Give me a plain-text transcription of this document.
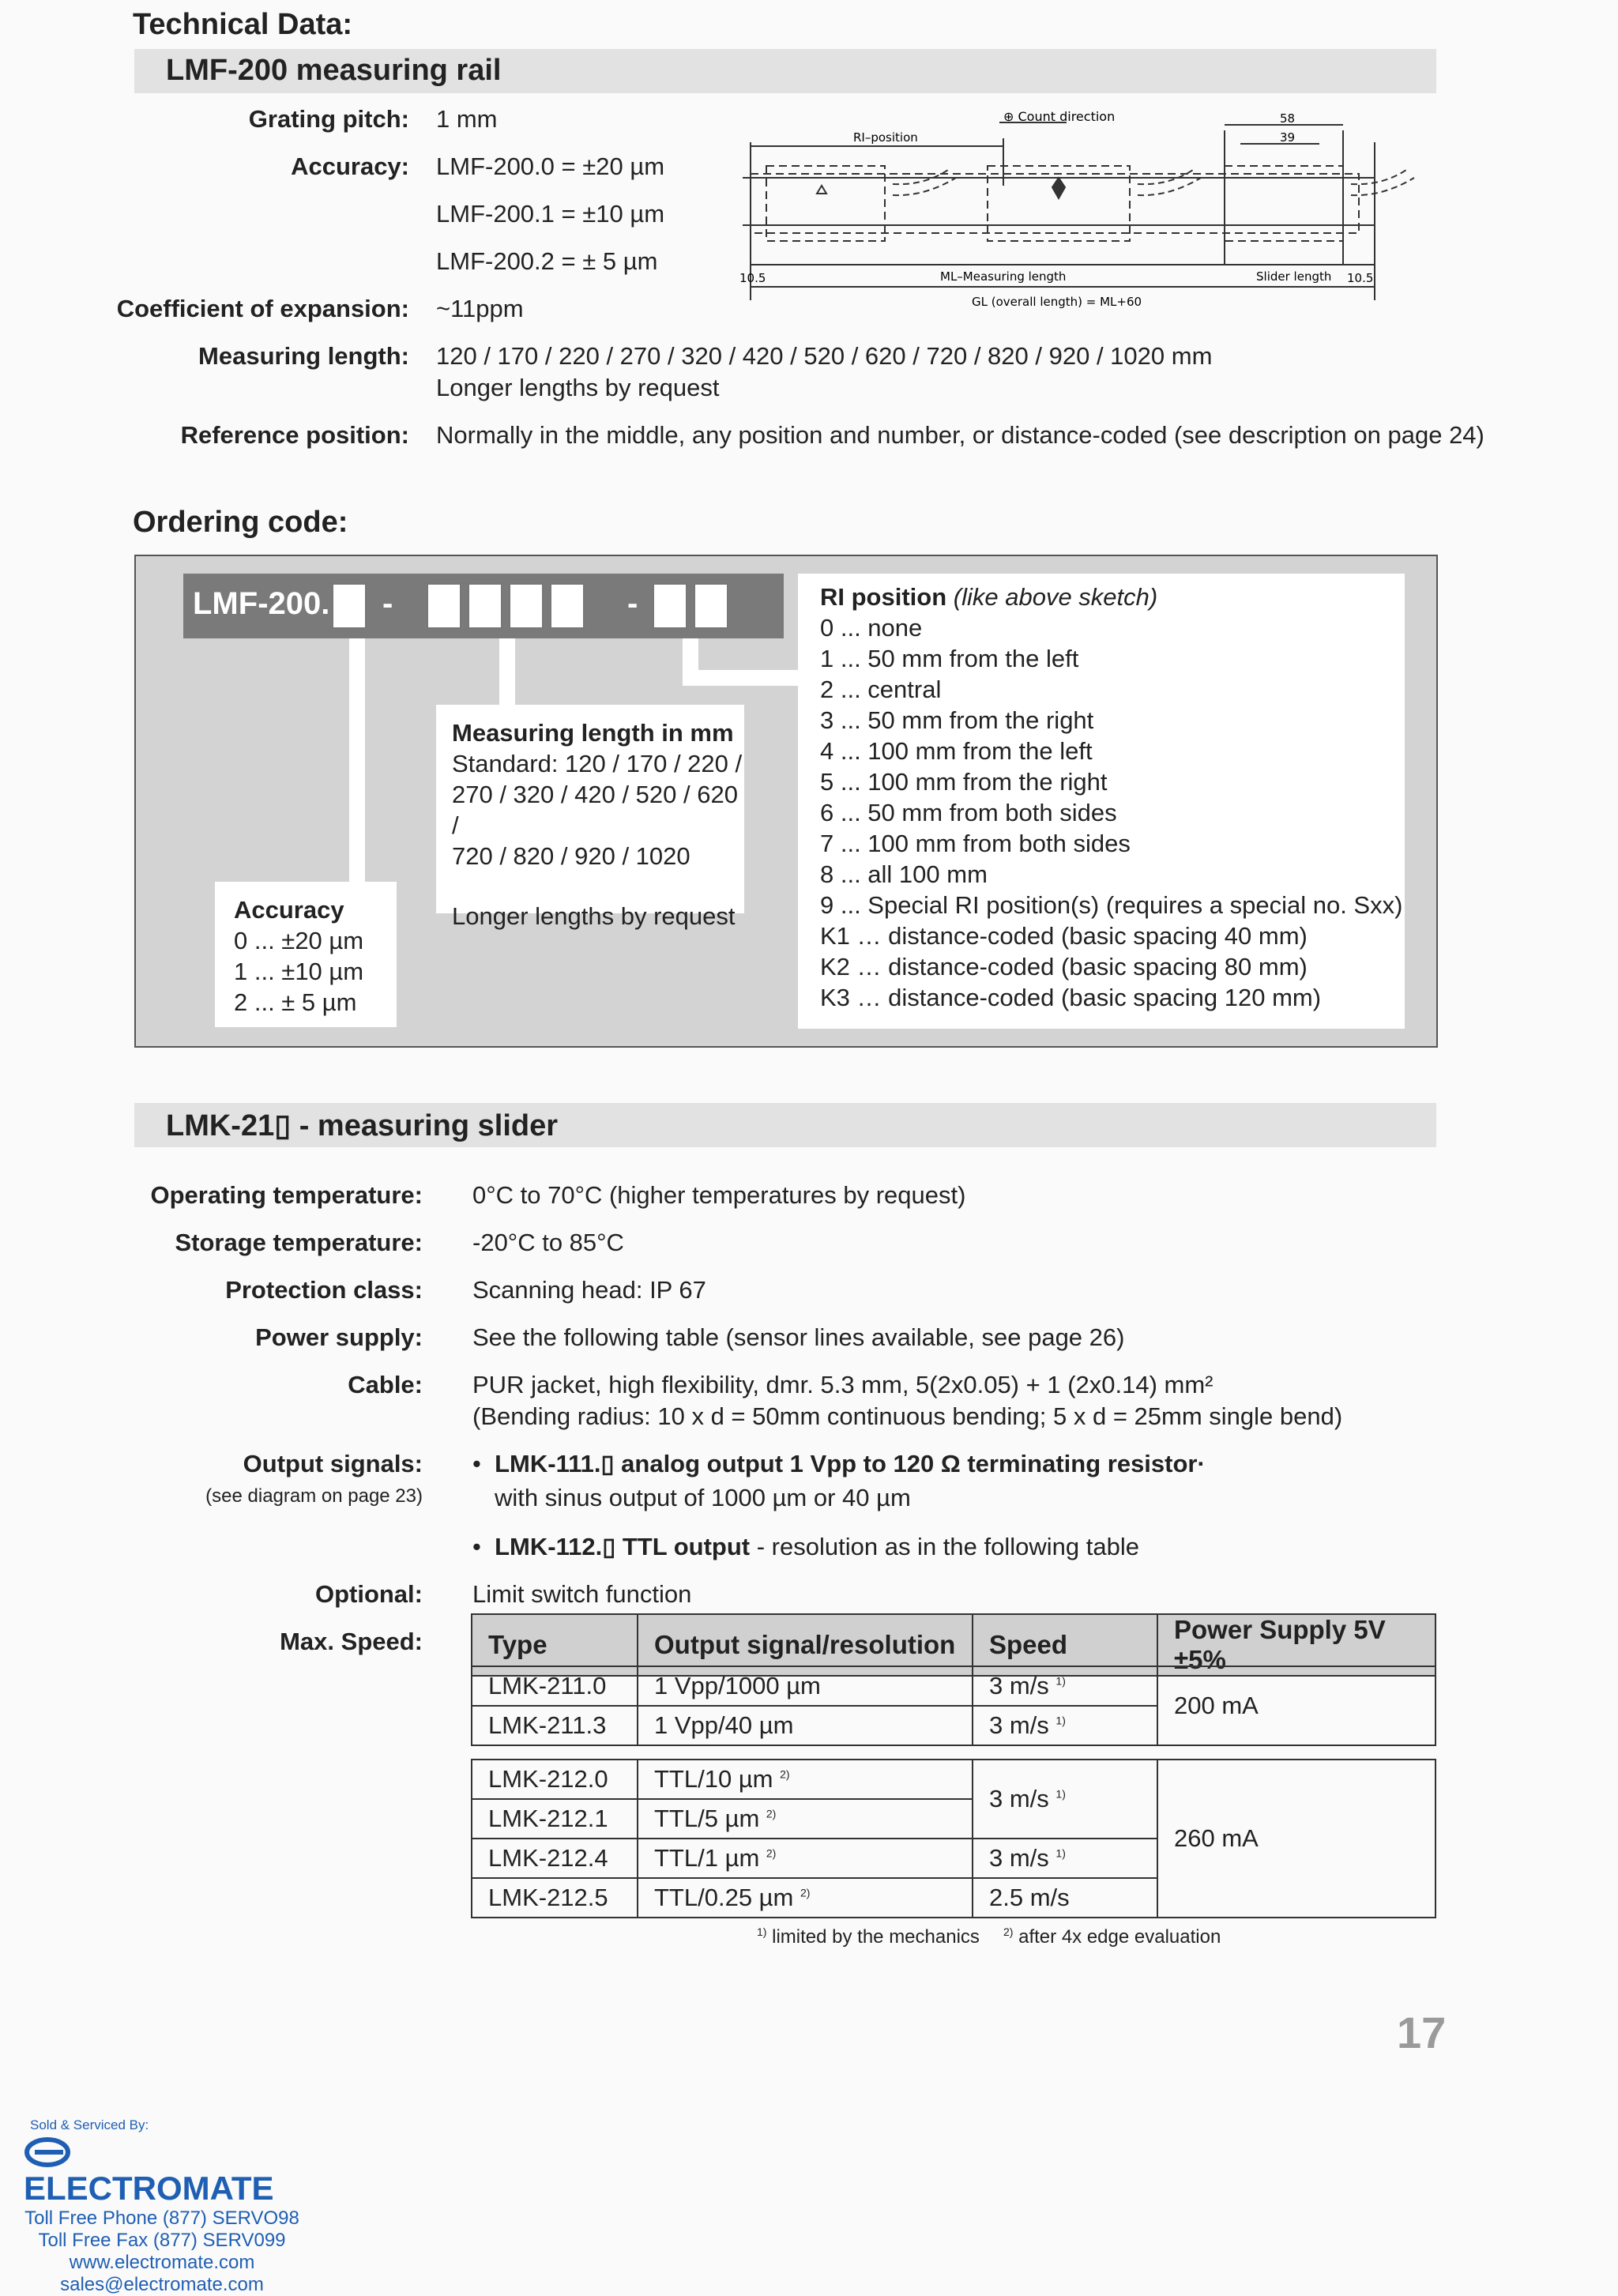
Technical Data:
LMF-200 measuring rail
Grating pitch: 1 mm
Accuracy: LMF-200.0 = ±20 µm
LMF-200.1 = ±10 µm
LMF-200.2 = ± 5 µm
Coefficient of expansion: ~11ppm
Measuring length: 120 / 170 / 220 / 270 / 320 / 420 / 520 / 620 / 720 / 820 / 920 / 1020 mm
Longer lengths by request
Reference position: Normally in the middle, any position and number, or distance-coded (see description on page 24)
⊕ Count direction
RI–position
58
39
10.5	10.5
ML–Measuring length	Slider length
GL (overall length) = ML+60
Ordering code:
LMF-200. -	-
Accuracy
0 ... ±20 µm
1 ... ±10 µm
2 ... ± 5 µm
Measuring length in mm
Standard: 120 / 170 / 220 /
270 / 320 / 420 / 520 / 620 /
720 / 820 / 920 / 1020
Longer lengths by request
RI position (like above sketch)
0 ... none
1 ... 50 mm from the left
2 ... central
3 ... 50 mm from the right
4 ... 100 mm from the left
5 ... 100 mm from the right
6 ... 50 mm from both sides
7 ... 100 mm from both sides
8 ... all 100 mm
9 ... Special RI position(s) (requires a special no. Sxx)
K1 … distance-coded (basic spacing 40 mm)
K2 … distance-coded (basic spacing 80 mm)
K3 … distance-coded (basic spacing 120 mm)
LMK-21▯ - measuring slider
Operating temperature: 0°C to 70°C (higher temperatures by request)
Storage temperature: -20°C to 85°C
Protection class: Scanning head: IP 67
Power supply: See the following table (sensor lines available, see page 26)
Cable: PUR jacket, high flexibility, dmr. 5.3 mm, 5(2x0.05) + 1 (2x0.14) mm²
(Bending radius: 10 x d = 50mm continuous bending; 5 x d = 25mm single bend)
Output signals:
(see diagram on page 23)
•  LMK-111.▯ analog output 1 Vpp to 120 Ω terminating resistor·
with sinus output of 1000 µm or 40 µm
•  LMK-112.▯ TTL output - resolution as in the following table
Optional: Limit switch function
Max. Speed:	Type	Output signal/resolution	Speed	Power Supply 5V ±5%
LMK-211.0	1 Vpp/1000 µm	3 m/s $^{1)}$	200 mA
LMK-211.3	1 Vpp/40 µm	3 m/s $^{1)}$
LMK-212.0	TTL/10 µm $^{2)}$	3 m/s $^{1)}$	260 mA
LMK-212.1	TTL/5 µm $^{2)}$
LMK-212.4	TTL/1 µm $^{2)}$	3 m/s $^{1)}$
LMK-212.5	TTL/0.25 µm $^{2)}$	2.5 m/s	
$^{1)}$ limited by the mechanics $^{2)}$ after 4x edge evaluation
17
Sold & Serviced By:
ELECTROMATE
Toll Free Phone (877) SERVO98
Toll Free Fax (877) SERV099
www.electromate.com
sales@electromate.com
